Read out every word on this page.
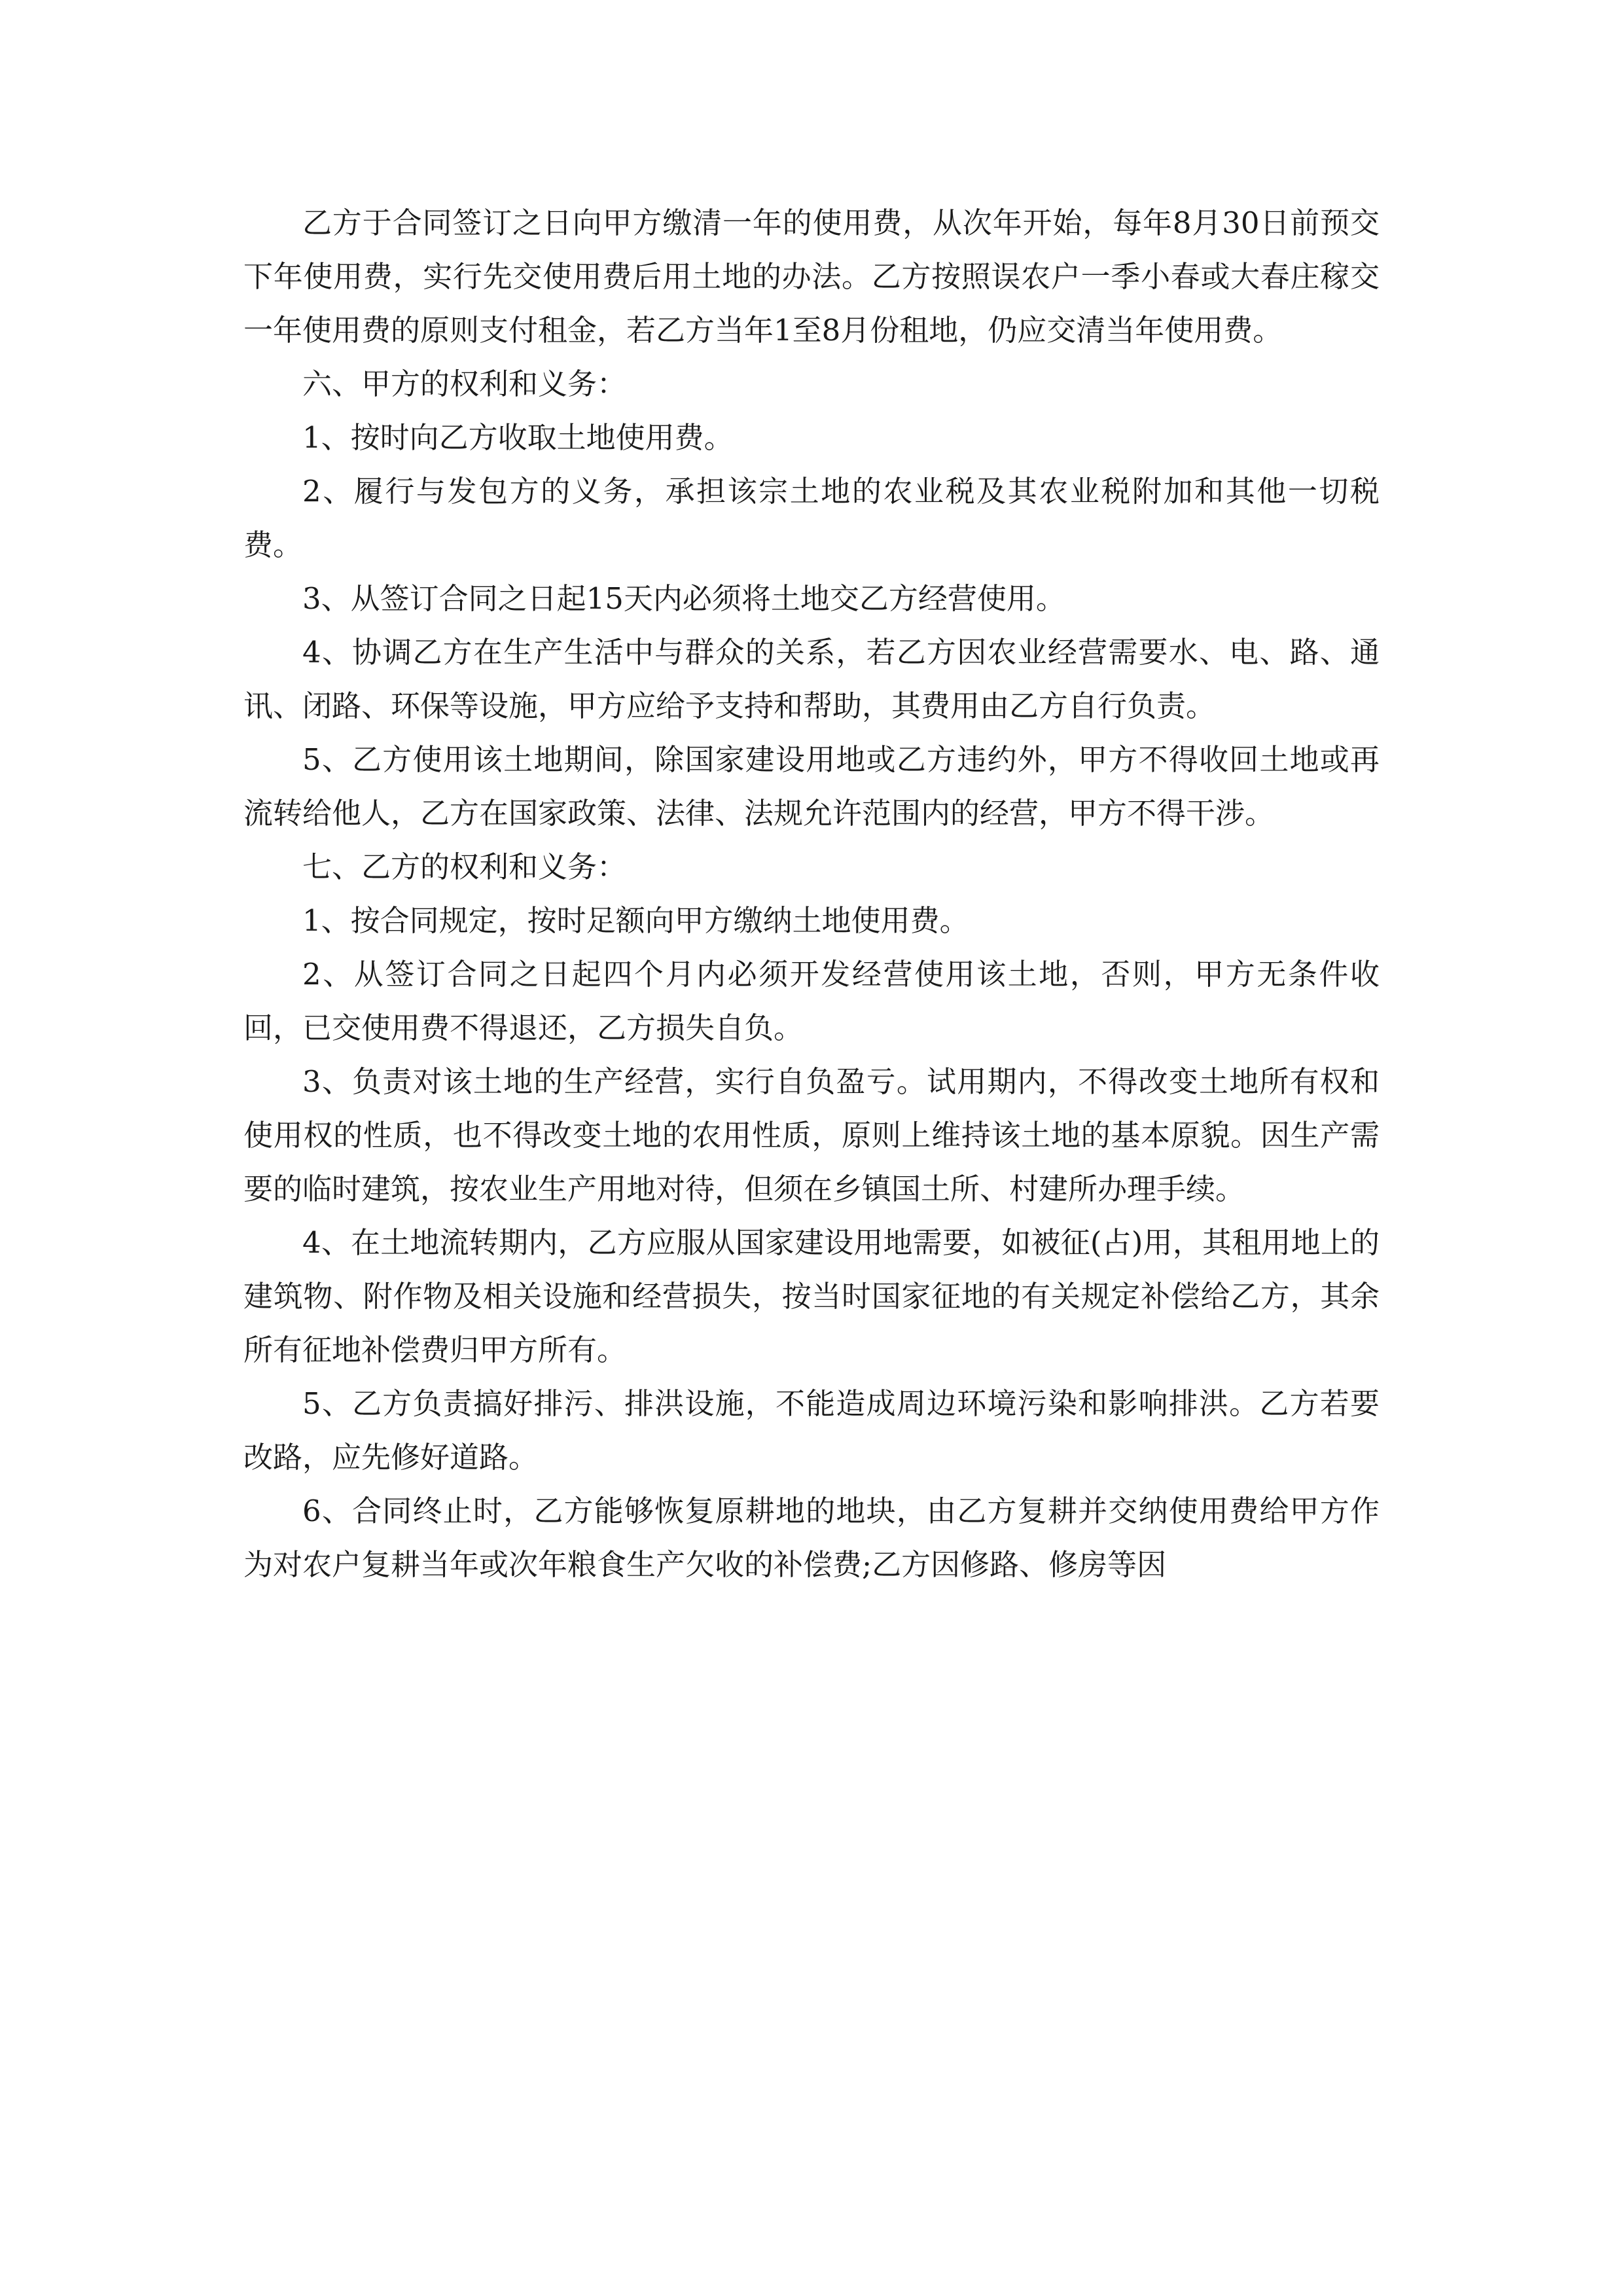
乙方于合同签订之日向甲方缴清一年的使用费，从次年开始，每年8月30日前预交下年使用费，实行先交使用费后用土地的办法。乙方按照误农户一季小春或大春庄稼交一年使用费的原则支付租金，若乙方当年1至8月份租地，仍应交清当年使用费。

六、甲方的权利和义务：

1、按时向乙方收取土地使用费。

2、履行与发包方的义务，承担该宗土地的农业税及其农业税附加和其他一切税费。

3、从签订合同之日起15天内必须将土地交乙方经营使用。

4、协调乙方在生产生活中与群众的关系，若乙方因农业经营需要水、电、路、通讯、闭路、环保等设施，甲方应给予支持和帮助，其费用由乙方自行负责。

5、乙方使用该土地期间，除国家建设用地或乙方违约外，甲方不得收回土地或再流转给他人，乙方在国家政策、法律、法规允许范围内的经营，甲方不得干涉。

七、乙方的权利和义务：

1、按合同规定，按时足额向甲方缴纳土地使用费。

2、从签订合同之日起四个月内必须开发经营使用该土地，否则，甲方无条件收回，已交使用费不得退还，乙方损失自负。

3、负责对该土地的生产经营，实行自负盈亏。试用期内，不得改变土地所有权和使用权的性质，也不得改变土地的农用性质，原则上维持该土地的基本原貌。因生产需要的临时建筑，按农业生产用地对待，但须在乡镇国土所、村建所办理手续。

4、在土地流转期内，乙方应服从国家建设用地需要，如被征(占)用，其租用地上的建筑物、附作物及相关设施和经营损失，按当时国家征地的有关规定补偿给乙方，其余所有征地补偿费归甲方所有。

5、乙方负责搞好排污、排洪设施，不能造成周边环境污染和影响排洪。乙方若要改路，应先修好道路。

6、合同终止时，乙方能够恢复原耕地的地块，由乙方复耕并交纳使用费给甲方作为对农户复耕当年或次年粮食生产欠收的补偿费;乙方因修路、修房等因
